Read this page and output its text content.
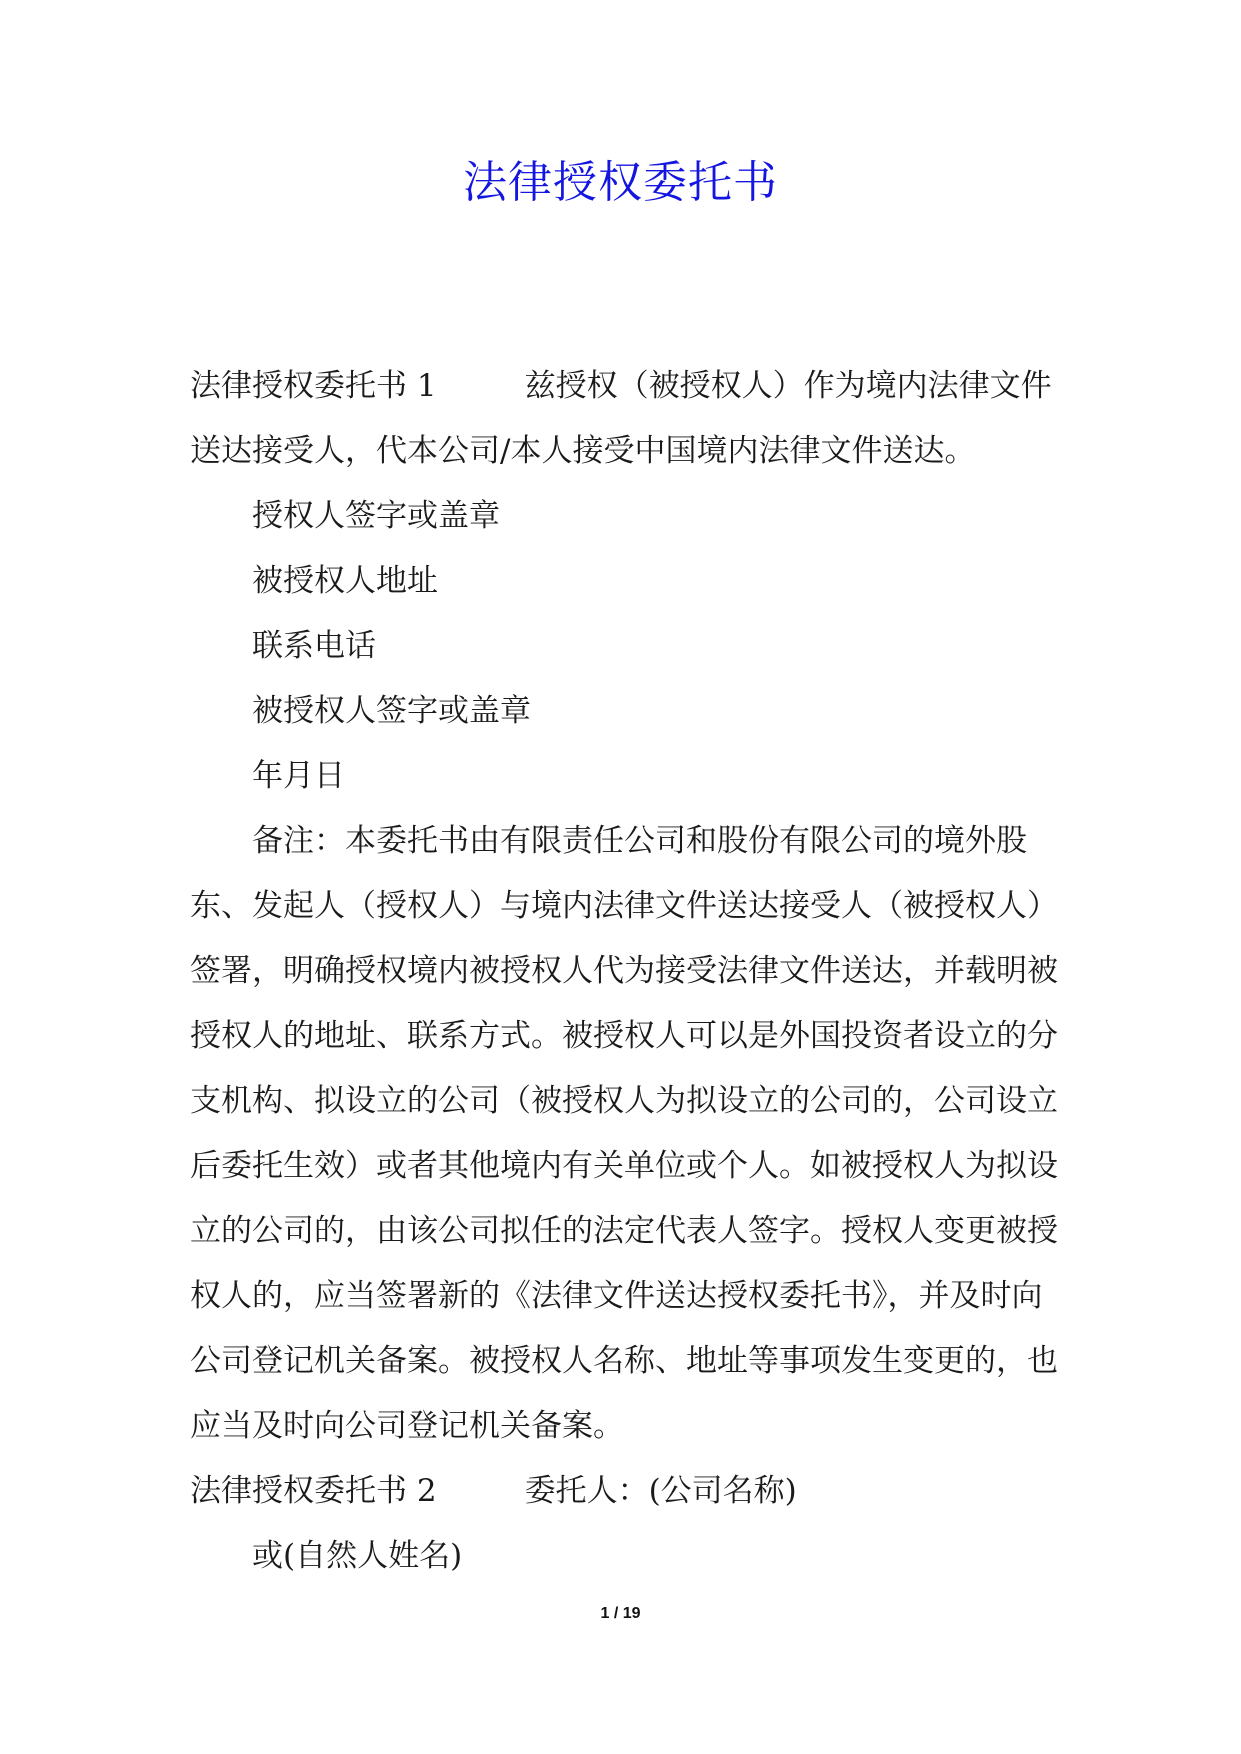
法律授权委托书

法律授权委托书 1	兹授权（被授权人）作为境内法律文件送达接受人，代本公司/本人接受中国境内法律文件送达。

授权人签字或盖章

被授权人地址

联系电话

被授权人签字或盖章

年月日

备注：本委托书由有限责任公司和股份有限公司的境外股东、发起人（授权人）与境内法律文件送达接受人（被授权人）签署，明确授权境内被授权人代为接受法律文件送达，并载明被授权人的地址、联系方式。被授权人可以是外国投资者设立的分支机构、拟设立的公司（被授权人为拟设立的公司的，公司设立后委托生效）或者其他境内有关单位或个人。如被授权人为拟设立的公司的，由该公司拟任的法定代表人签字。授权人变更被授权人的，应当签署新的《法律文件送达授权委托书》，并及时向公司登记机关备案。被授权人名称、地址等事项发生变更的，也应当及时向公司登记机关备案。

法律授权委托书 2	委托人：(公司名称)

或(自然人姓名)

1 / 19
